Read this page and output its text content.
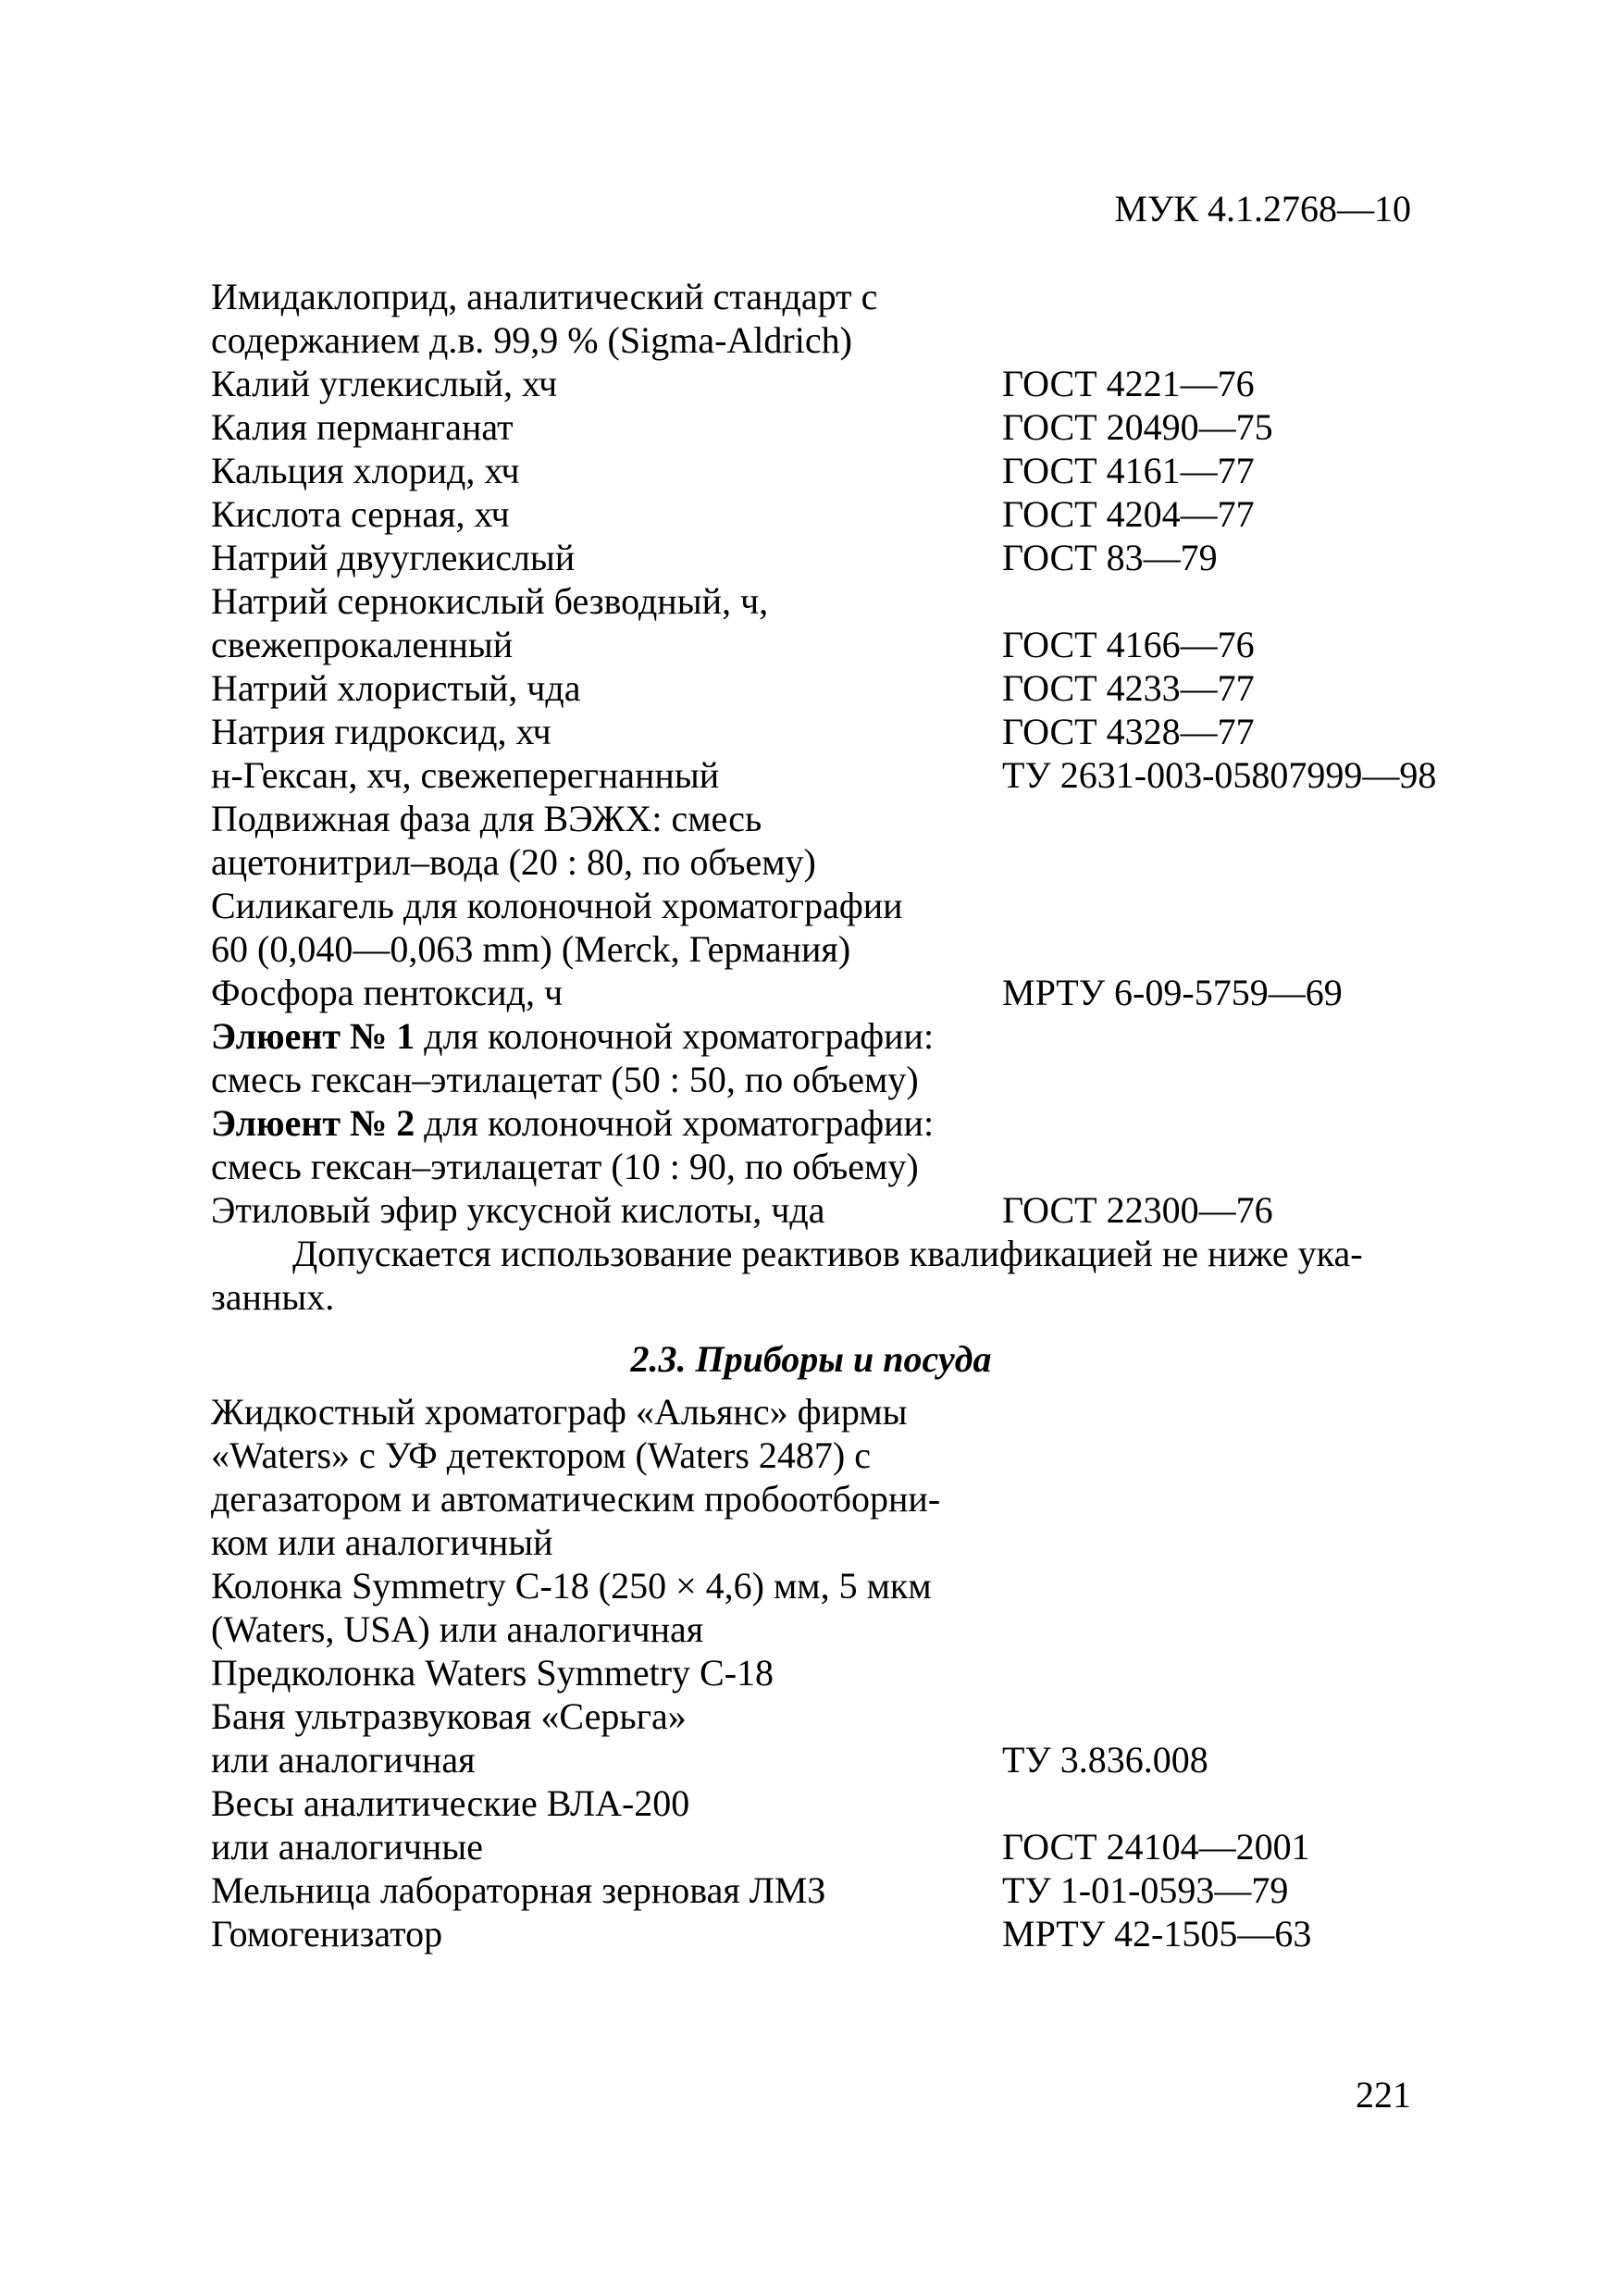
МУК 4.1.2768—10
Имидаклоприд, аналитический стандарт с
содержанием д.в. 99,9 % (Sigma-Aldrich)
Калий углекислый, хч	ГОСТ 4221—76
Калия перманганат	ГОСТ 20490—75
Кальция хлорид, хч	ГОСТ 4161—77
Кислота серная, хч	ГОСТ 4204—77
Натрий двууглекислый	ГОСТ 83—79
Натрий сернокислый безводный, ч,
свежепрокаленный	ГОСТ 4166—76
Натрий хлористый, чда	ГОСТ 4233—77
Натрия гидроксид, хч	ГОСТ 4328—77
н-Гексан, хч, свежеперегнанный	ТУ 2631-003-05807999—98
Подвижная фаза для ВЭЖХ: смесь
ацетонитрил–вода (20 : 80, по объему)
Силикагель для колоночной хроматографии
60 (0,040—0,063 mm) (Merck, Германия)
Фосфора пентоксид, ч	МРТУ 6-09-5759—69
Элюент № 1 для колоночной хроматографии:
смесь гексан–этилацетат (50 : 50, по объему)
Элюент № 2 для колоночной хроматографии:
смесь гексан–этилацетат (10 : 90, по объему)
Этиловый эфир уксусной кислоты, чда	ГОСТ 22300—76

Допускается использование реактивов квалификацией не ниже ука-
занных.

2.3. Приборы и посуда
Жидкостный хроматограф «Альянс» фирмы
«Waters» с УФ детектором (Waters 2487) с
дегазатором и автоматическим пробоотборни-
ком или аналогичный
Колонка Symmetry С-18 (250 × 4,6) мм, 5 мкм
(Waters, USA) или аналогичная
Предколонка Waters Symmetry С-18
Баня ультразвуковая «Серьга»
или аналогичная	ТУ 3.836.008
Весы аналитические ВЛА-200
или аналогичные	ГОСТ 24104—2001
Мельница лабораторная зерновая ЛМЗ	ТУ 1-01-0593—79
Гомогенизатор	МРТУ 42-1505—63
221
